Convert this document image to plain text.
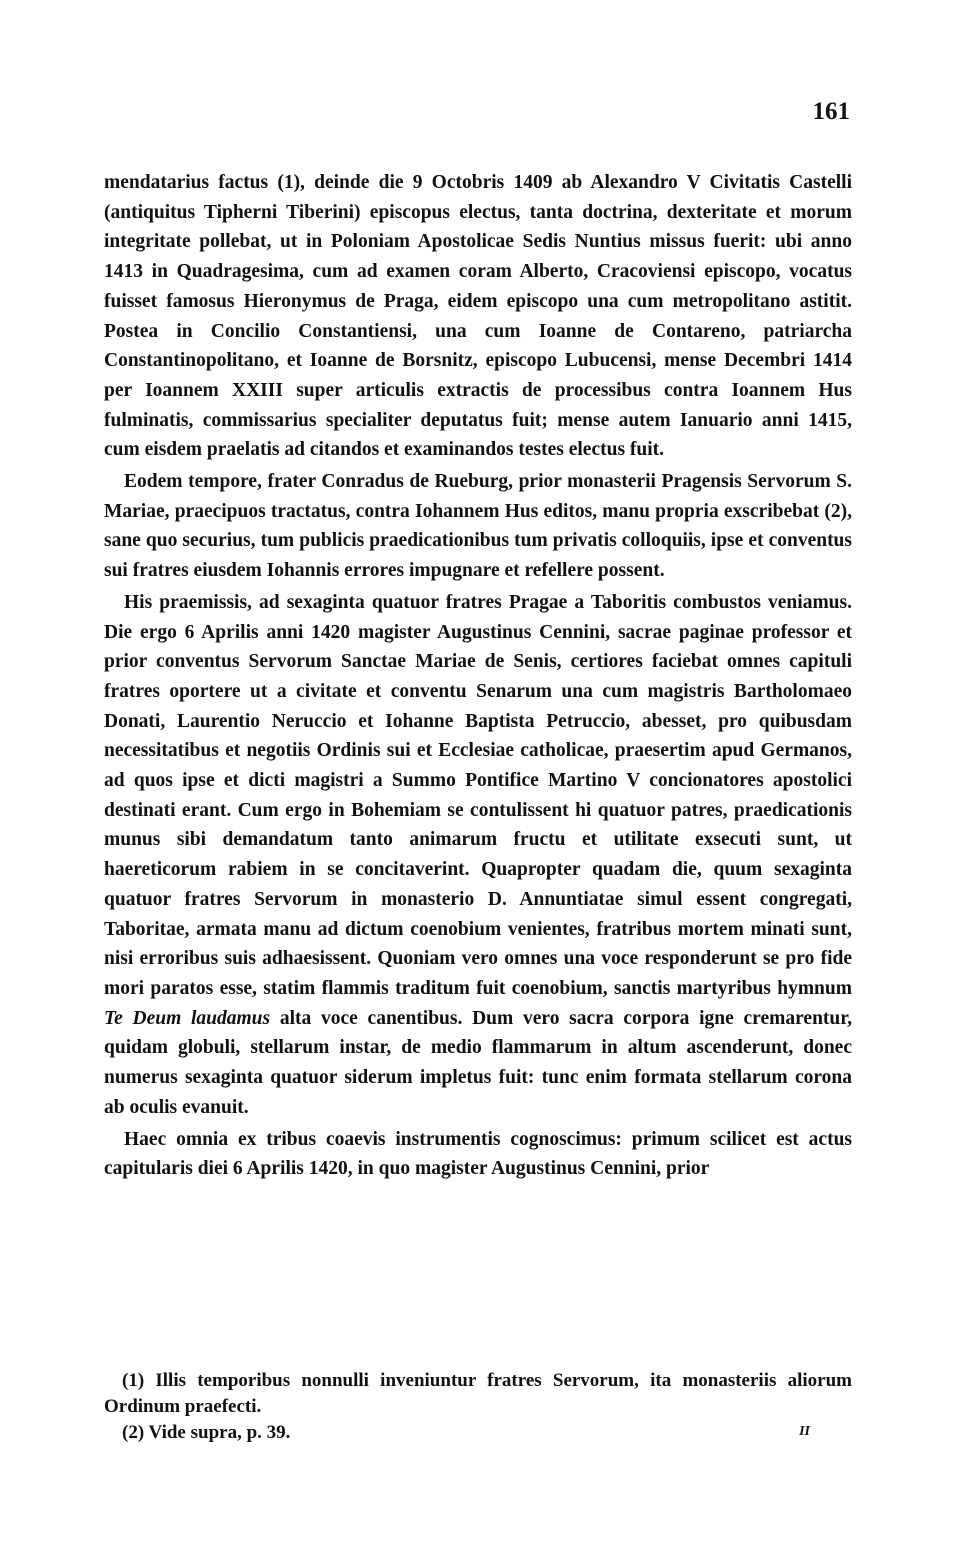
161

mendatarius factus (1), deinde die 9 Octobris 1409 ab Alexandro V Civitatis Castelli (antiquitus Tipherni Tiberini) episcopus electus, tanta doctrina, dexteritate et morum integritate pollebat, ut in Poloniam Apostolicae Sedis Nuntius missus fuerit: ubi anno 1413 in Quadragesima, cum ad examen coram Alberto, Cracoviensi episcopo, vocatus fuisset famosus Hieronymus de Praga, eidem episcopo una cum metropolitano astitit. Postea in Concilio Constantiensi, una cum Ioanne de Contareno, patriarcha Constantinopolitano, et Ioanne de Borsnitz, episcopo Lubucensi, mense Decembri 1414 per Ioannem XXIII super articulis extractis de processibus contra Ioannem Hus fulminatis, commissarius specialiter deputatus fuit; mense autem Ianuario anni 1415, cum eisdem praelatis ad citandos et examinandos testes electus fuit.

Eodem tempore, frater Conradus de Rueburg, prior monasterii Pragensis Servorum S. Mariae, praecipuos tractatus, contra Iohannem Hus editos, manu propria exscribebat (2), sane quo securius, tum publicis praedicationibus tum privatis colloquiis, ipse et conventus sui fratres eiusdem Iohannis errores impugnare et refellere possent.

His praemissis, ad sexaginta quatuor fratres Pragae a Taboritis combustos veniamus. Die ergo 6 Aprilis anni 1420 magister Augustinus Cennini, sacrae paginae professor et prior conventus Servorum Sanctae Mariae de Senis, certiores faciebat omnes capituli fratres oportere ut a civitate et conventu Senarum una cum magistris Bartholomaeo Donati, Laurentio Neruccio et Iohanne Baptista Petruccio, abesset, pro quibusdam necessitatibus et negotiis Ordinis sui et Ecclesiae catholicae, praesertim apud Germanos, ad quos ipse et dicti magistri a Summo Pontifice Martino V concionatores apostolici destinati erant. Cum ergo in Bohemiam se contulissent hi quatuor patres, praedicationis munus sibi demandatum tanto animarum fructu et utilitate exsecuti sunt, ut haereticorum rabiem in se concitaverint. Quapropter quadam die, quum sexaginta quatuor fratres Servorum in monasterio D. Annuntiatae simul essent congregati, Taboritae, armata manu ad dictum coenobium venientes, fratribus mortem minati sunt, nisi erroribus suis adhaesissent. Quoniam vero omnes una voce responderunt se pro fide mori paratos esse, statim flammis traditum fuit coenobium, sanctis martyribus hymnum Te Deum laudamus alta voce canentibus. Dum vero sacra corpora igne cremarentur, quidam globuli, stellarum instar, de medio flammarum in altum ascenderunt, donec numerus sexaginta quatuor siderum impletus fuit: tunc enim formata stellarum corona ab oculis evanuit.

Haec omnia ex tribus coaevis instrumentis cognoscimus: primum scilicet est actus capitularis diei 6 Aprilis 1420, in quo magister Augustinus Cennini, prior

(1) Illis temporibus nonnulli inveniuntur fratres Servorum, ita monasteriis aliorum Ordinum praefecti.

(2) Vide supra, p. 39.	II
